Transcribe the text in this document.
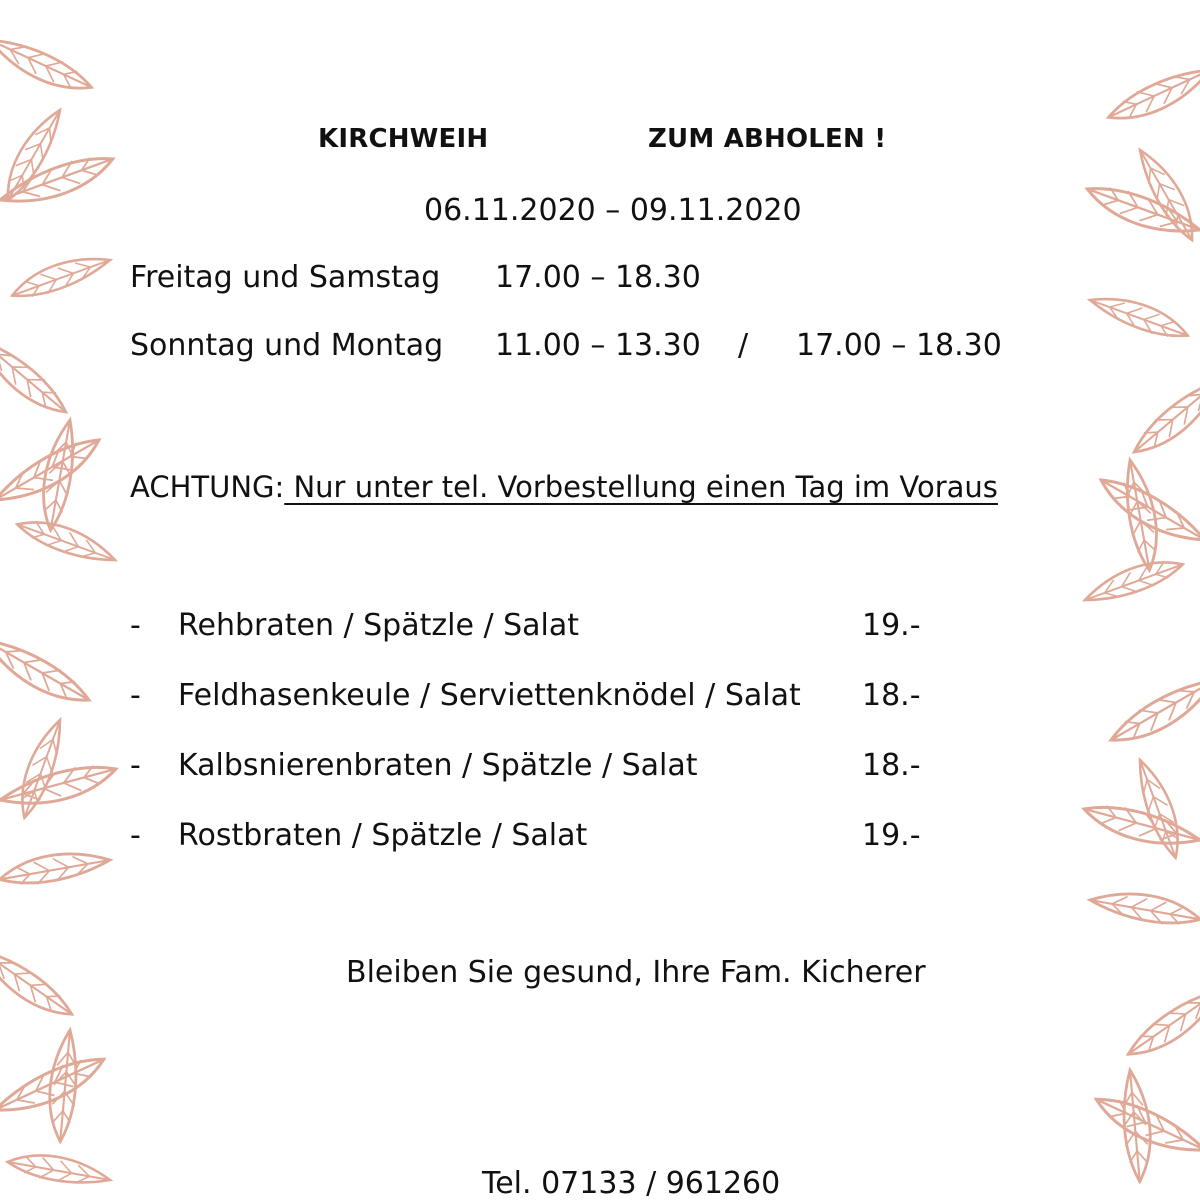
KIRCHWEIH	ZUM ABHOLEN !
06.11.2020 – 09.11.2020
Freitag und Samstag 17.00 – 18.30
Sonntag und Montag 11.00 – 13.30 / 17.00 – 18.30
ACHTUNG: Nur unter tel. Vorbestellung einen Tag im Voraus
- Rehbraten / Spätzle / Salat	19.-
- Feldhasenkeule / Serviettenknödel / Salat 18.-
- Kalbsnierenbraten / Spätzle / Salat	18.-
- Rostbraten / Spätzle / Salat	19.-
Bleiben Sie gesund, Ihre Fam. Kicherer
Tel. 07133 / 961260
